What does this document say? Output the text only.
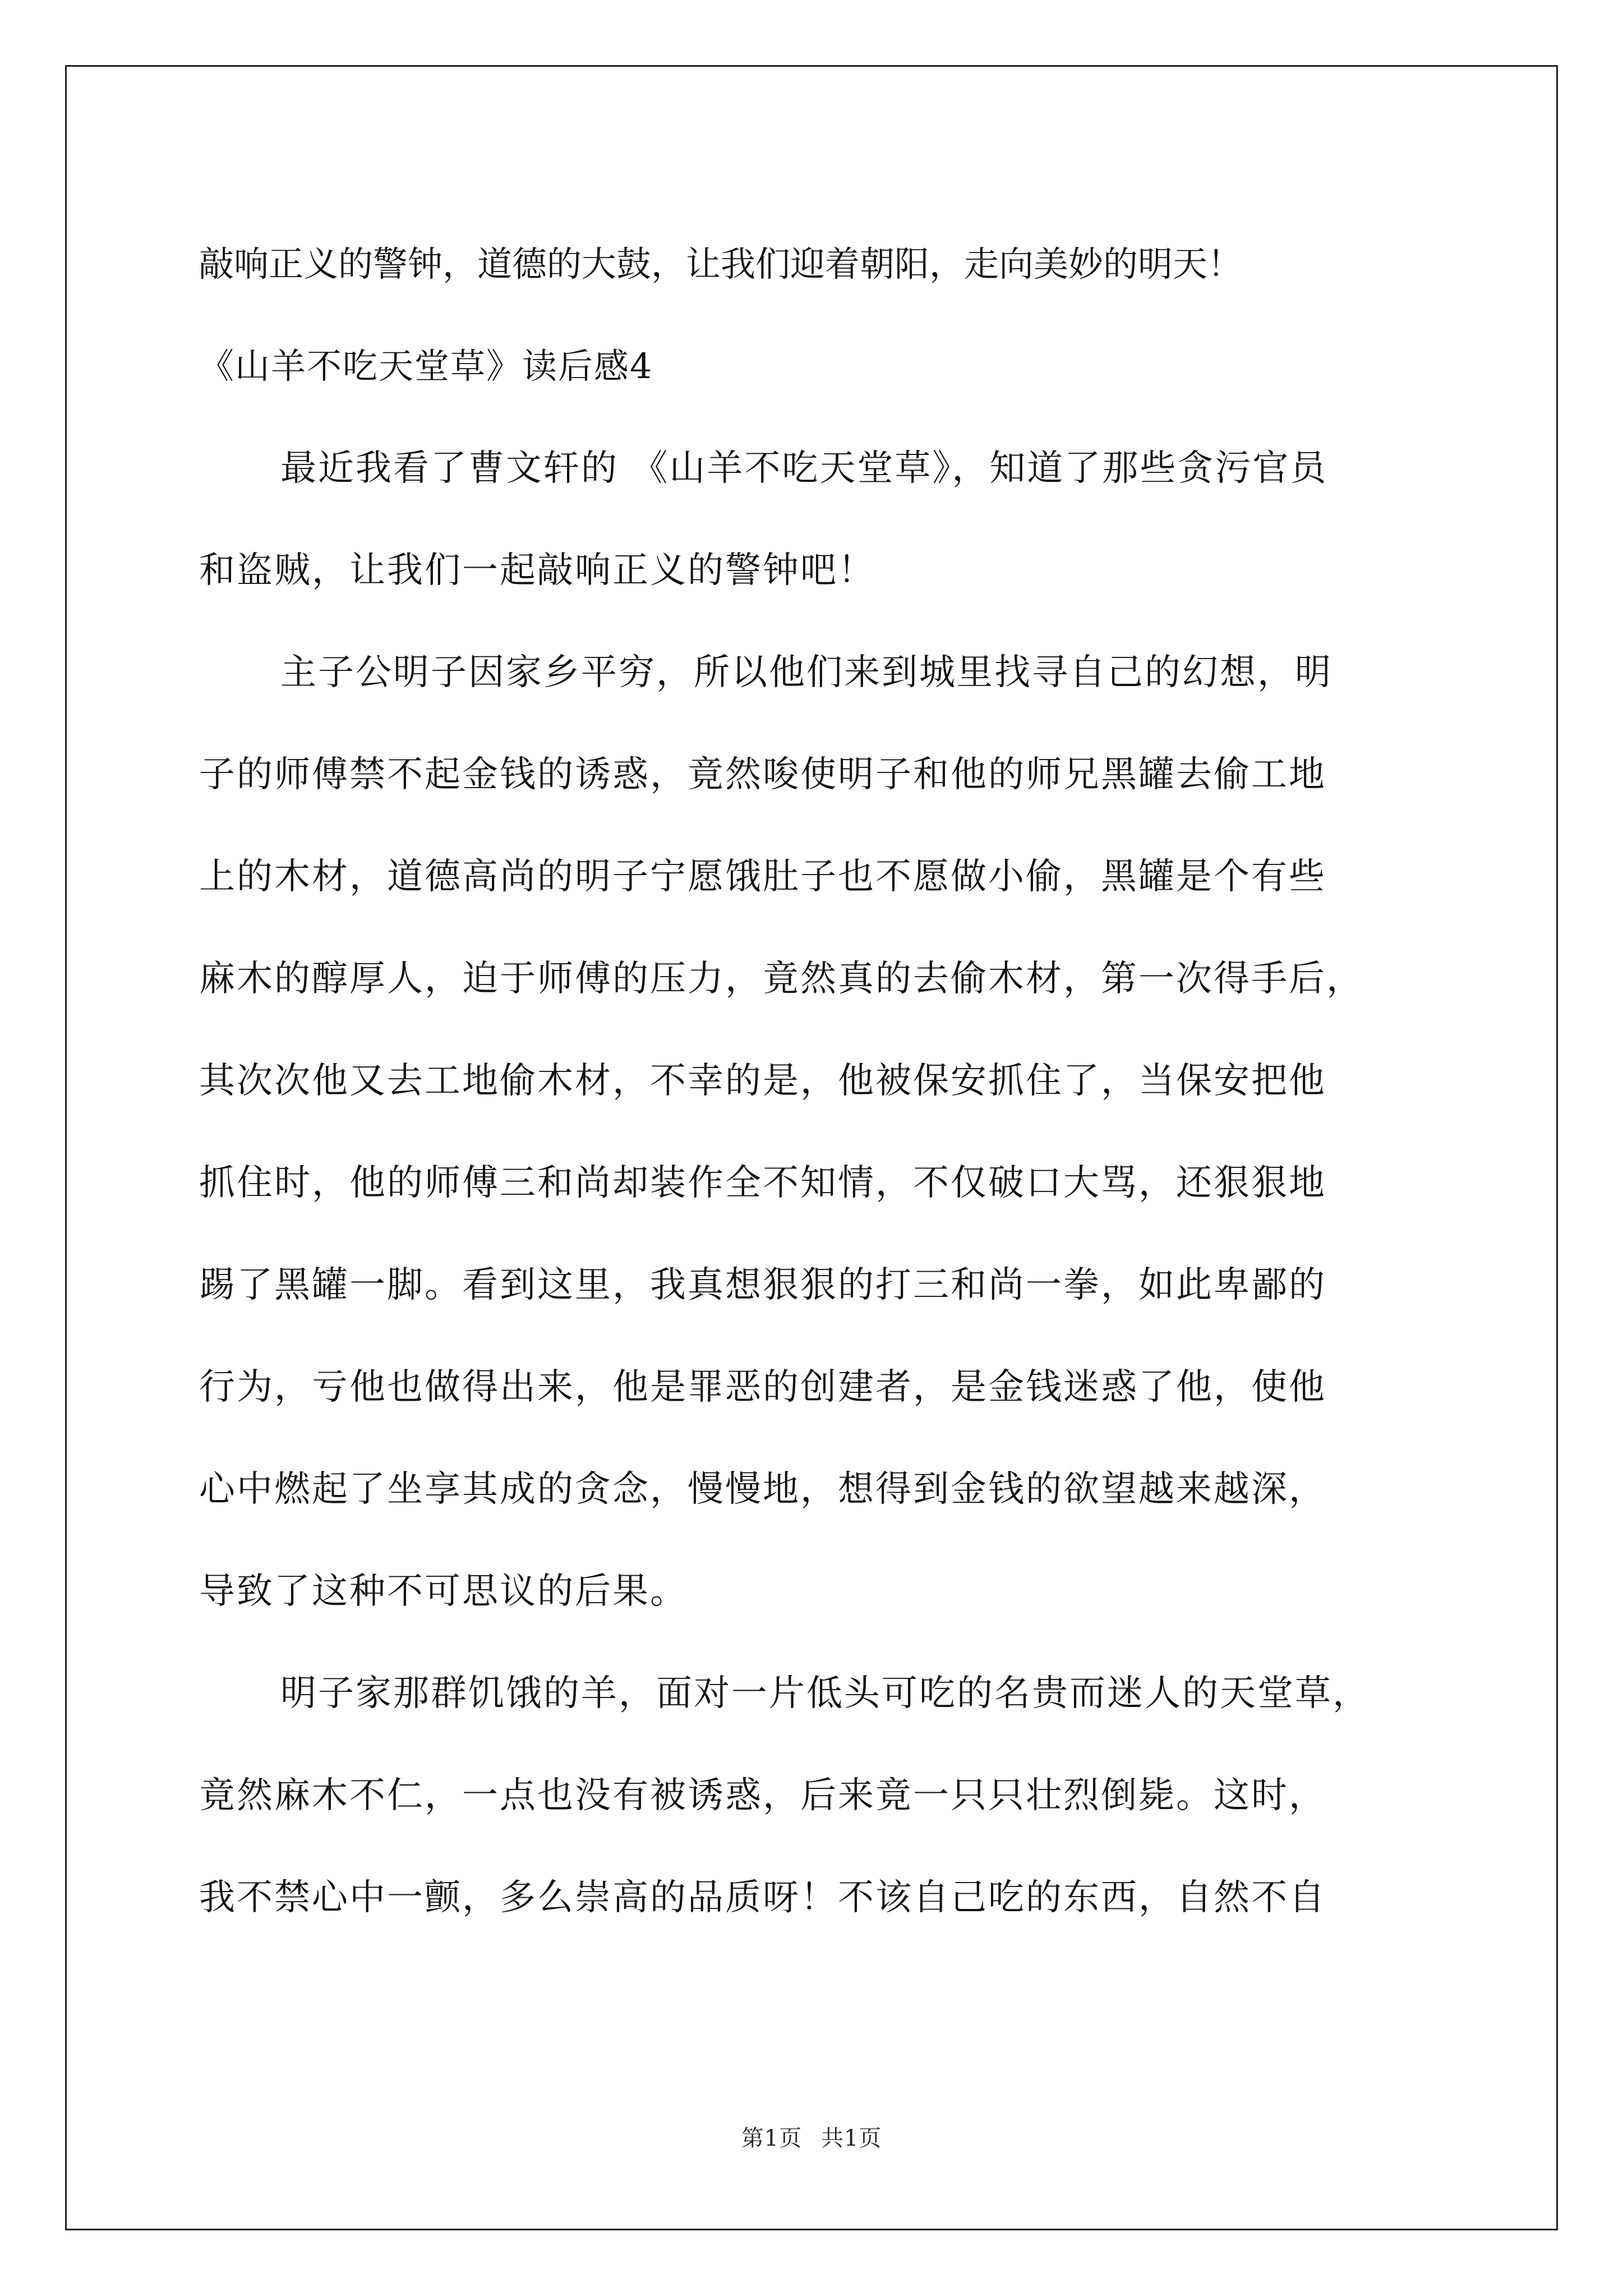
敲响正义的警钟，道德的大鼓，让我们迎着朝阳，走向美妙的明天！
《山羊不吃天堂草》读后感4
最近我看了曹文轩的 《山羊不吃天堂草》，知道了那些贪污官员
和盗贼，让我们一起敲响正义的警钟吧！
主子公明子因家乡平穷，所以他们来到城里找寻自己的幻想，明
子的师傅禁不起金钱的诱惑，竟然唆使明子和他的师兄黑罐去偷工地
上的木材，道德高尚的明子宁愿饿肚子也不愿做小偷，黑罐是个有些
麻木的醇厚人，迫于师傅的压力，竟然真的去偷木材，第一次得手后，
其次次他又去工地偷木材，不幸的是，他被保安抓住了，当保安把他
抓住时，他的师傅三和尚却装作全不知情，不仅破口大骂，还狠狠地
踢了黑罐一脚。看到这里，我真想狠狠的打三和尚一拳，如此卑鄙的
行为，亏他也做得出来，他是罪恶的创建者，是金钱迷惑了他，使他
心中燃起了坐享其成的贪念，慢慢地，想得到金钱的欲望越来越深，
导致了这种不可思议的后果。
明子家那群饥饿的羊，面对一片低头可吃的名贵而迷人的天堂草，
竟然麻木不仁，一点也没有被诱惑，后来竟一只只壮烈倒毙。这时，
我不禁心中一颤，多么崇高的品质呀！不该自己吃的东西，自然不自
第1页 共1页
